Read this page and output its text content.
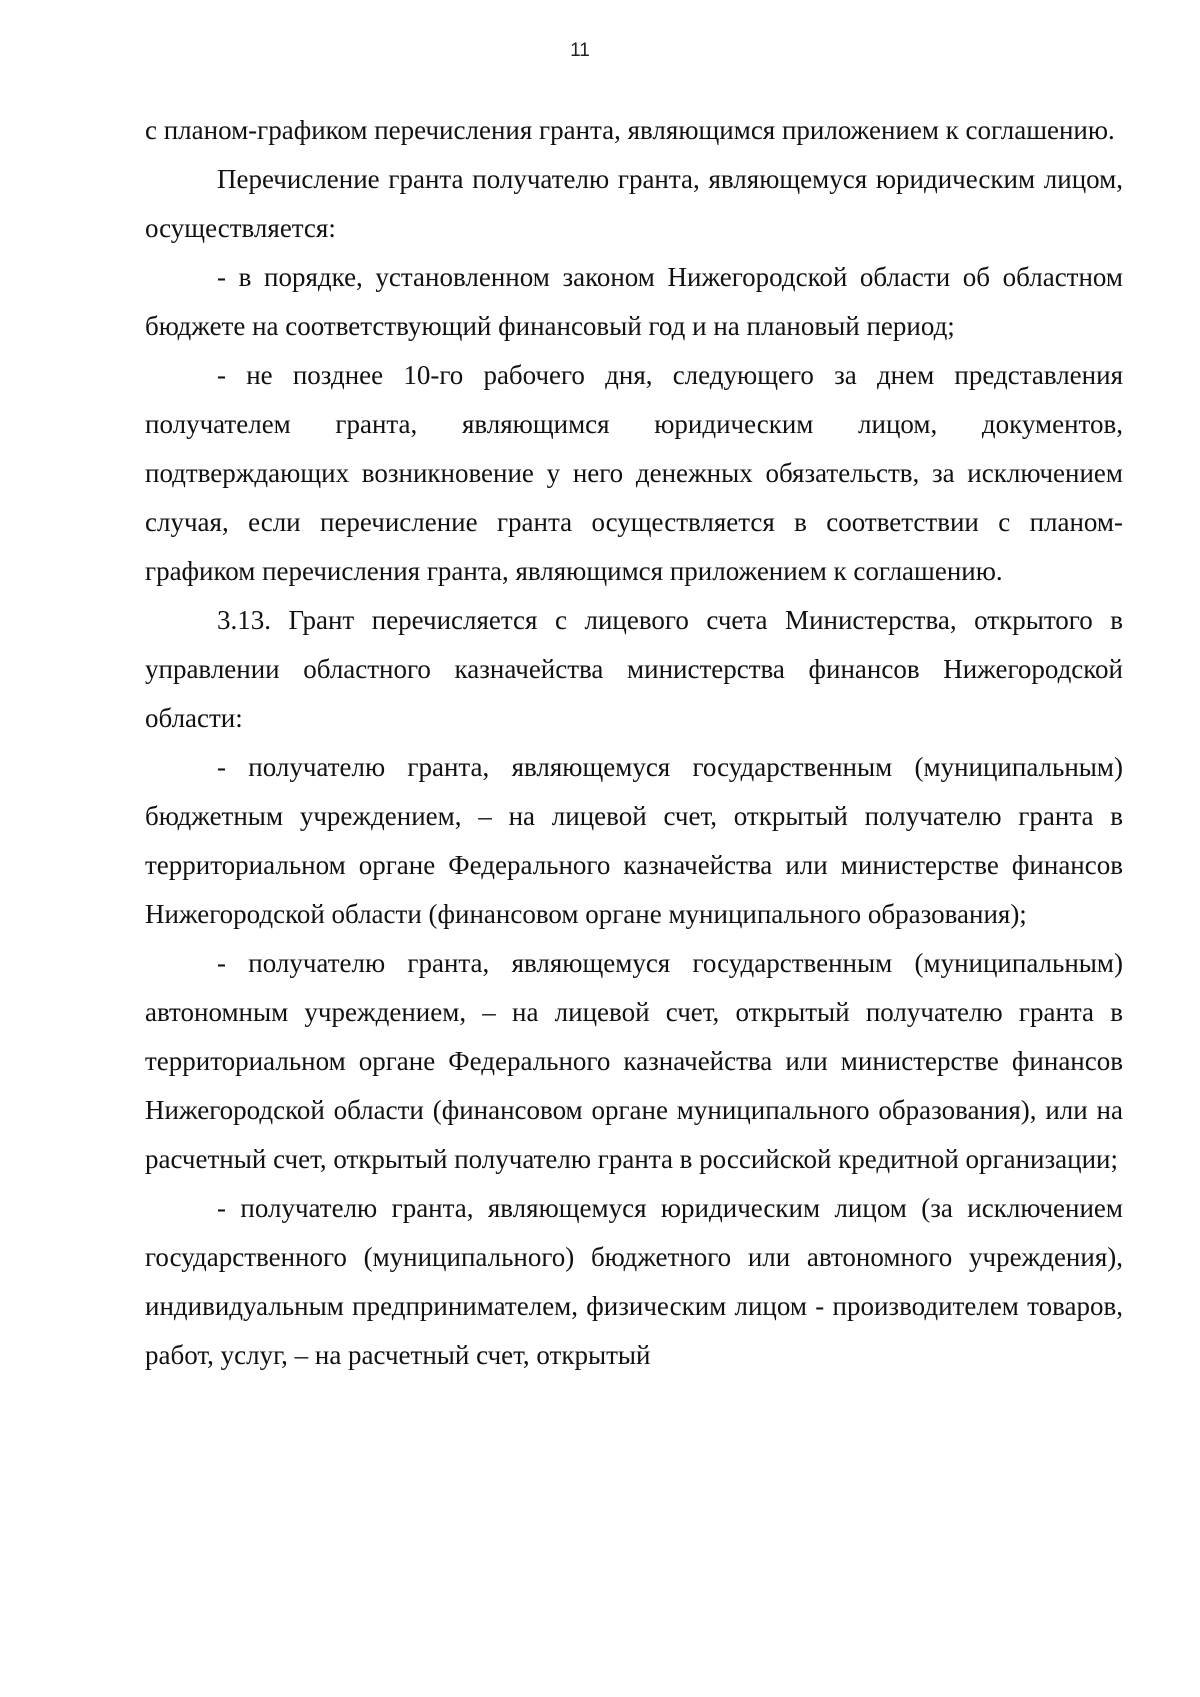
11

с планом-графиком перечисления гранта, являющимся приложением к соглашению.

Перечисление гранта получателю гранта, являющемуся юридическим лицом, осуществляется:

- в порядке, установленном законом Нижегородской области об областном бюджете на соответствующий финансовый год и на плановый период;

- не позднее 10-го рабочего дня, следующего за днем представления получателем гранта, являющимся юридическим лицом, документов, подтверждающих возникновение у него денежных обязательств, за исключением случая, если перечисление гранта осуществляется в соответствии с планом-графиком перечисления гранта, являющимся приложением к соглашению.

3.13. Грант перечисляется с лицевого счета Министерства, открытого в управлении областного казначейства министерства финансов Нижегородской области:

- получателю гранта, являющемуся государственным (муниципальным) бюджетным учреждением, – на лицевой счет, открытый получателю гранта в территориальном органе Федерального казначейства или министерстве финансов Нижегородской области (финансовом органе муниципального образования);

- получателю гранта, являющемуся государственным (муниципальным) автономным учреждением, – на лицевой счет, открытый получателю гранта в территориальном органе Федерального казначейства или министерстве финансов Нижегородской области (финансовом органе муниципального образования), или на расчетный счет, открытый получателю гранта в российской кредитной организации;

- получателю гранта, являющемуся юридическим лицом (за исключением государственного (муниципального) бюджетного или автономного учреждения), индивидуальным предпринимателем, физическим лицом - производителем товаров, работ, услуг, – на расчетный счет, открытый
